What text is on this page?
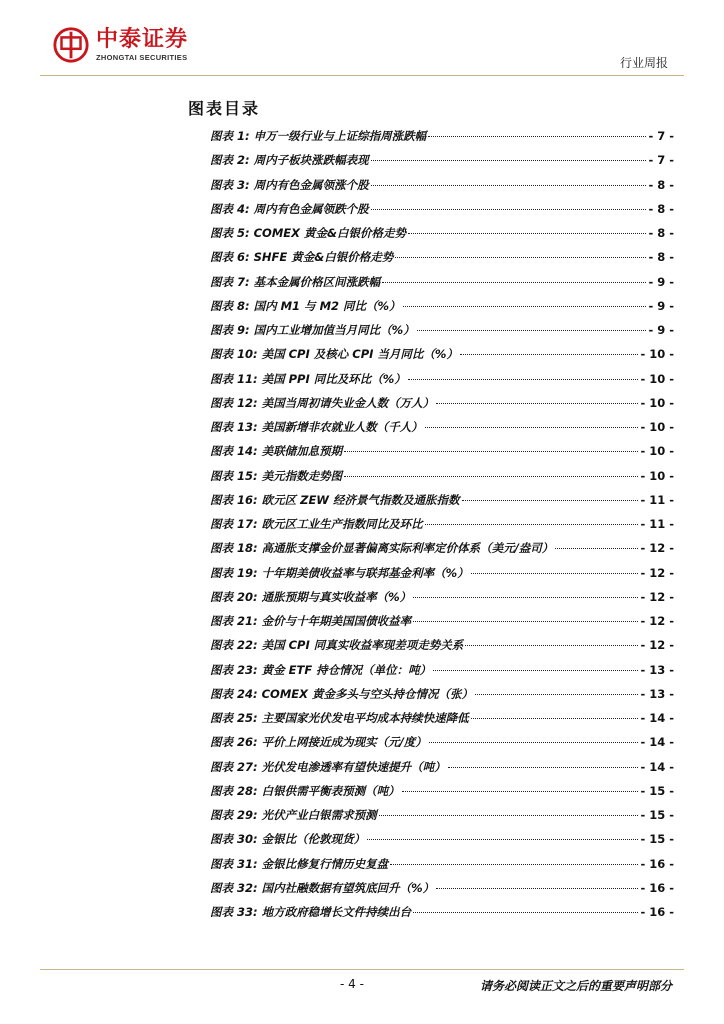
中泰证券
ZHONGTAI SECURITIES	行业周报
图表目录
图表 1: 申万一级行业与上证综指周涨跌幅	- 7 -
图表 2: 周内子板块涨跌幅表现	- 7 -
图表 3: 周内有色金属领涨个股	- 8 -
图表 4: 周内有色金属领跌个股	- 8 -
图表 5: COMEX 黄金&白银价格走势	- 8 -
图表 6: SHFE 黄金&白银价格走势	- 8 -
图表 7: 基本金属价格区间涨跌幅	- 9 -
图表 8: 国内 M1 与 M2 同比（%）	- 9 -
图表 9: 国内工业增加值当月同比（%）	- 9 -
图表 10: 美国 CPI 及核心 CPI 当月同比（%）	- 10 -
图表 11: 美国 PPI 同比及环比（%）	- 10 -
图表 12: 美国当周初请失业金人数（万人）	- 10 -
图表 13: 美国新增非农就业人数（千人）	- 10 -
图表 14: 美联储加息预期	- 10 -
图表 15: 美元指数走势图	- 10 -
图表 16: 欧元区 ZEW 经济景气指数及通胀指数	- 11 -
图表 17: 欧元区工业生产指数同比及环比	- 11 -
图表 18: 高通胀支撑金价显著偏离实际利率定价体系（美元/盎司）	- 12 -
图表 19: 十年期美债收益率与联邦基金利率（%）	- 12 -
图表 20: 通胀预期与真实收益率（%）	- 12 -
图表 21: 金价与十年期美国国债收益率	- 12 -
图表 22: 美国 CPI 同真实收益率现差项走势关系	- 12 -
图表 23: 黄金 ETF 持仓情况（单位：吨）	- 13 -
图表 24: COMEX 黄金多头与空头持仓情况（张）	- 13 -
图表 25: 主要国家光伏发电平均成本持续快速降低	- 14 -
图表 26: 平价上网接近成为现实（元/度）	- 14 -
图表 27: 光伏发电渗透率有望快速提升（吨）	- 14 -
图表 28: 白银供需平衡表预测（吨）	- 15 -
图表 29: 光伏产业白银需求预测	- 15 -
图表 30: 金银比（伦敦现货）	- 15 -
图表 31: 金银比修复行情历史复盘	- 16 -
图表 32: 国内社融数据有望筑底回升（%）	- 16 -
图表 33: 地方政府稳增长文件持续出台	- 16 -
- 4 -	请务必阅读正文之后的重要声明部分
